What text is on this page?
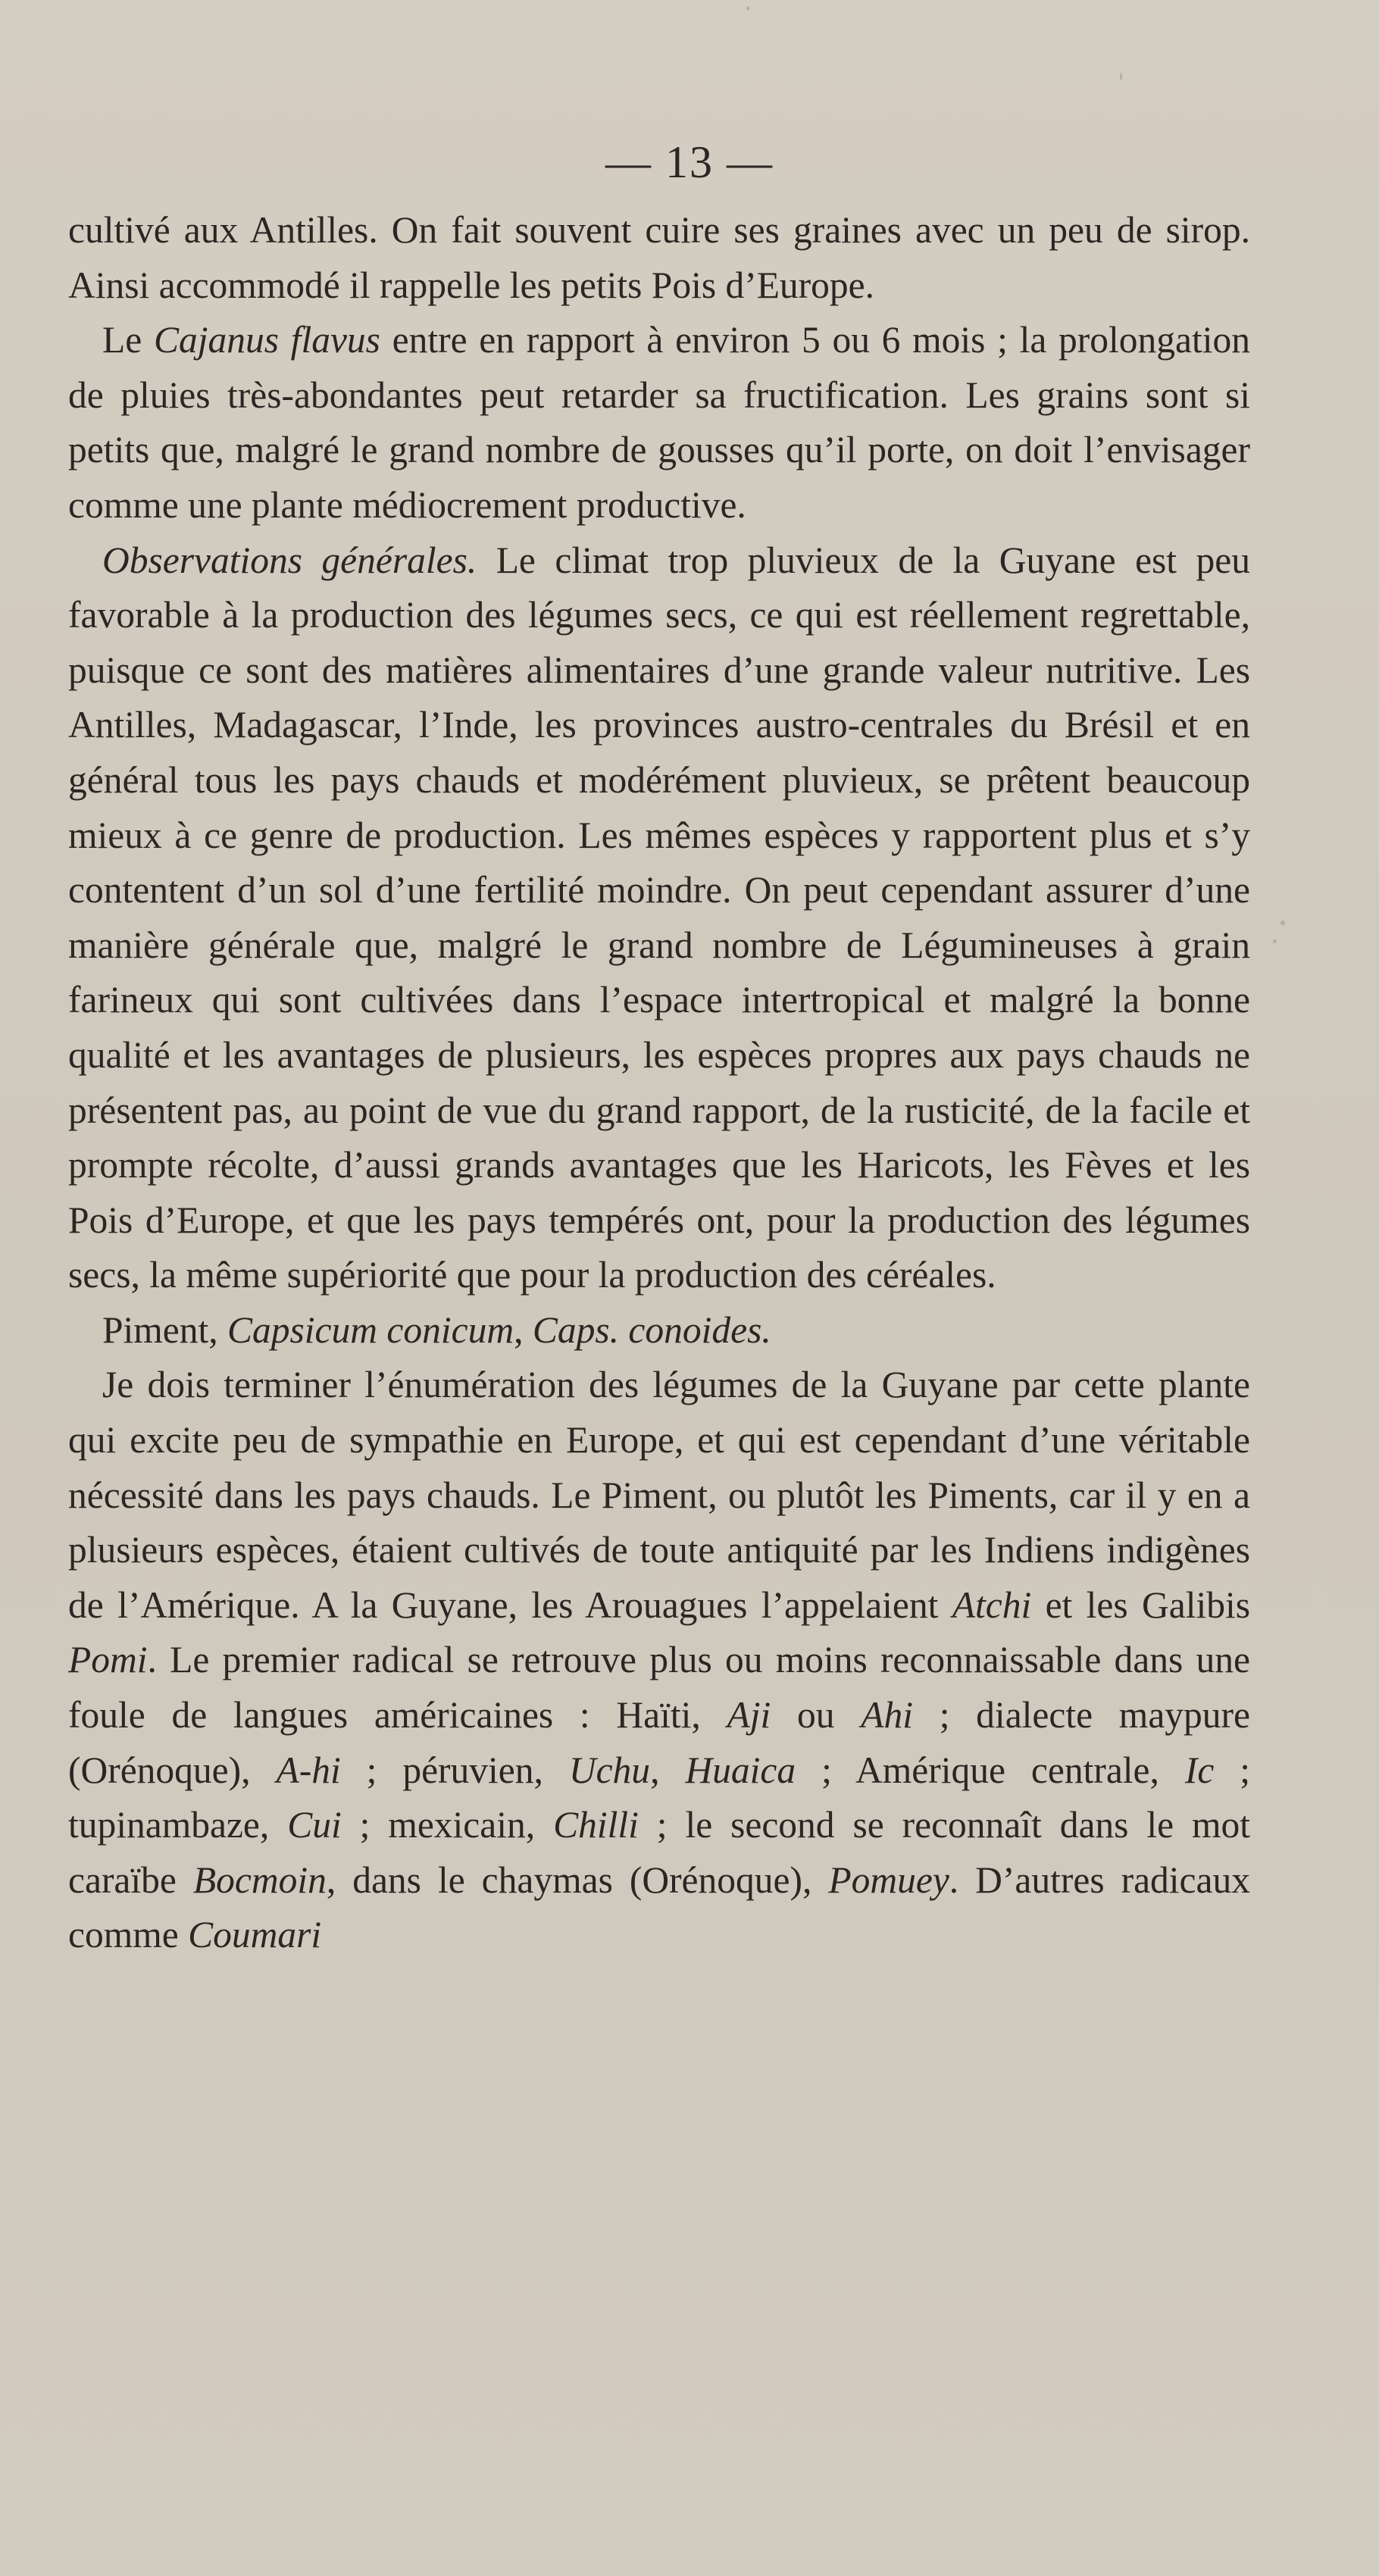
— 13 —

cultivé aux Antilles. On fait souvent cuire ses graines avec un peu de sirop. Ainsi accommodé il rappelle les petits Pois d’Europe.

Le Cajanus flavus entre en rapport à environ 5 ou 6 mois ; la prolongation de pluies très-abondantes peut retarder sa fructification. Les grains sont si petits que, malgré le grand nombre de gousses qu’il porte, on doit l’envisager comme une plante médiocrement productive.

Observations générales. Le climat trop pluvieux de la Guyane est peu favorable à la production des légumes secs, ce qui est réellement regrettable, puisque ce sont des matières alimentaires d’une grande valeur nutritive. Les Antilles, Madagascar, l’Inde, les provinces austro-centrales du Brésil et en général tous les pays chauds et modérément pluvieux, se prêtent beaucoup mieux à ce genre de production. Les mêmes espèces y rapportent plus et s’y contentent d’un sol d’une fertilité moindre. On peut cependant assurer d’une manière générale que, malgré le grand nombre de Légumineuses à grain farineux qui sont cultivées dans l’espace intertropical et malgré la bonne qualité et les avantages de plusieurs, les espèces propres aux pays chauds ne présentent pas, au point de vue du grand rapport, de la rusticité, de la facile et prompte récolte, d’aussi grands avantages que les Haricots, les Fèves et les Pois d’Europe, et que les pays tempérés ont, pour la production des légumes secs, la même supériorité que pour la production des céréales.

Piment, Capsicum conicum, Caps. conoides.

Je dois terminer l’énumération des légumes de la Guyane par cette plante qui excite peu de sympathie en Europe, et qui est cependant d’une véritable nécessité dans les pays chauds. Le Piment, ou plutôt les Piments, car il y en a plusieurs espèces, étaient cultivés de toute antiquité par les Indiens indigènes de l’Amérique. A la Guyane, les Arouagues l’appelaient Atchi et les Galibis Pomi. Le premier radical se retrouve plus ou moins reconnaissable dans une foule de langues américaines : Haïti, Aji ou Ahi ; dialecte maypure (Orénoque), A-hi ; péruvien, Uchu, Huaica ; Amérique centrale, Ic ; tupinambaze, Cui ; mexicain, Chilli ; le second se reconnaît dans le mot caraïbe Bocmoin, dans le chaymas (Orénoque), Pomuey. D’autres radicaux comme Coumari
